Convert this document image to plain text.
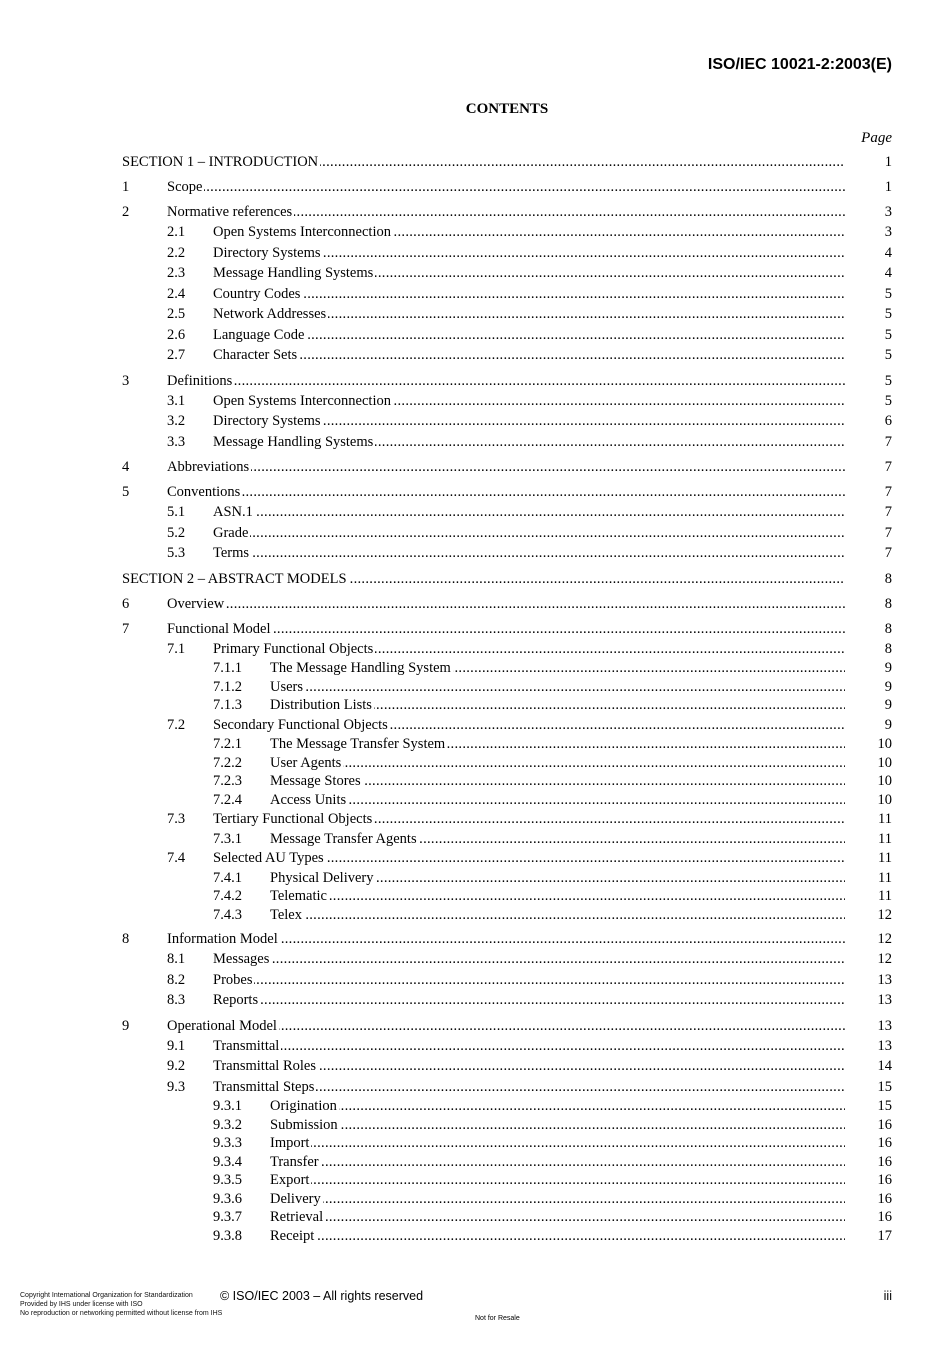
ISO/IEC 10021-2:2003(E)
CONTENTS
Page
SECTION 1 – INTRODUCTION .....	1
1	Scope .....	1
2	Normative references .....	3
2.1 Open Systems Interconnection .....	3
2.2 Directory Systems .....	4
2.3 Message Handling Systems .....	4
2.4 Country Codes .....	5
2.5 Network Addresses .....	5
2.6 Language Code .....	5
2.7 Character Sets .....	5
3	Definitions .....	5
3.1 Open Systems Interconnection .....	5
3.2 Directory Systems .....	6
3.3 Message Handling Systems .....	7
4	Abbreviations .....	7
5	Conventions .....	7
5.1 ASN.1 .....	7
5.2 Grade .....	7
5.3 Terms .....	7
SECTION 2 – ABSTRACT MODELS .....	8
6	Overview .....	8
7	Functional Model .....	8
7.1 Primary Functional Objects .....	8
7.1.1 The Message Handling System .....	9
7.1.2 Users .....	9
7.1.3 Distribution Lists .....	9
7.2 Secondary Functional Objects .....	9
7.2.1 The Message Transfer System .....	10
7.2.2 User Agents .....	10
7.2.3 Message Stores .....	10
7.2.4 Access Units .....	10
7.3 Tertiary Functional Objects .....	11
7.3.1 Message Transfer Agents .....	11
7.4 Selected AU Types .....	11
7.4.1 Physical Delivery .....	11
7.4.2 Telematic .....	11
7.4.3 Telex .....	12
8	Information Model .....	12
8.1 Messages .....	12
8.2 Probes .....	13
8.3 Reports .....	13
9	Operational Model .....	13
9.1 Transmittal .....	13
9.2 Transmittal Roles .....	14
9.3 Transmittal Steps .....	15
9.3.1 Origination .....	15
9.3.2 Submission .....	16
9.3.3 Import .....	16
9.3.4 Transfer .....	16
9.3.5 Export .....	16
9.3.6 Delivery .....	16
9.3.7 Retrieval .....	16
9.3.8 Receipt .....	17
Copyright International Organization for Standardization
Provided by IHS under license with ISO
No reproduction or networking permitted without license from IHS
© ISO/IEC 2003 – All rights reserved	iii
Not for Resale
